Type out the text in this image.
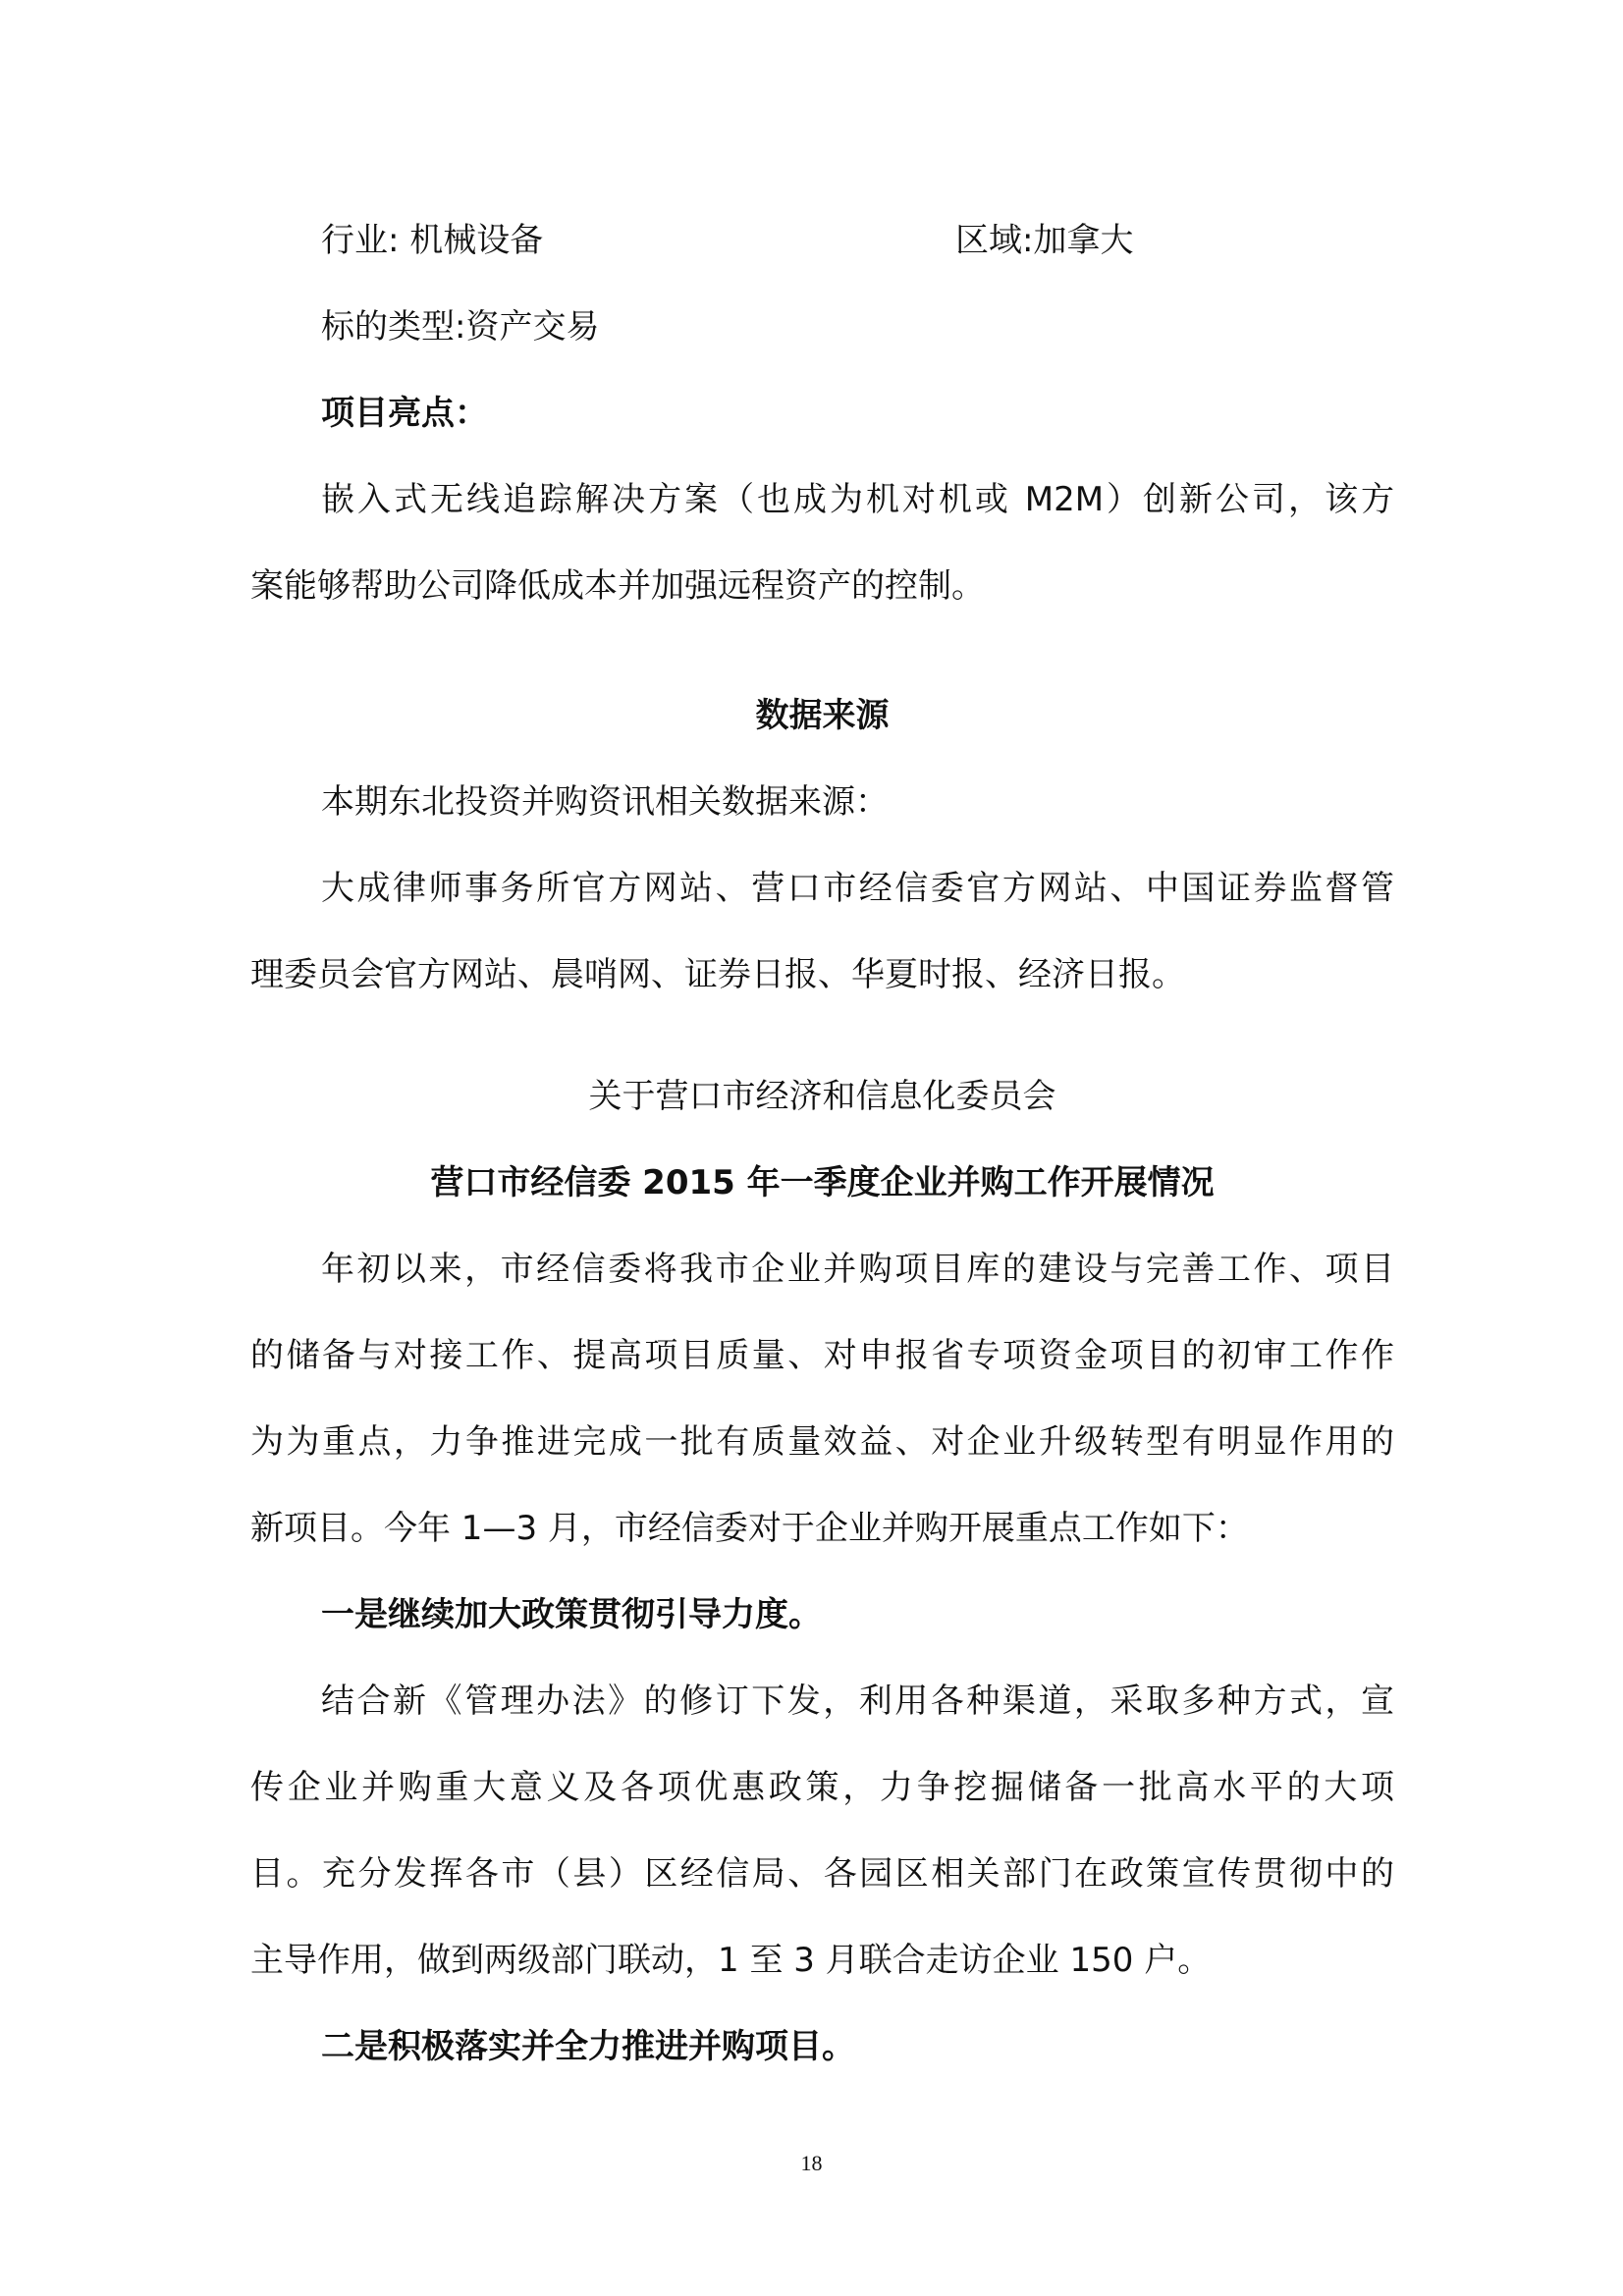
行业: 机械设备	区域:加拿大
标的类型:资产交易
项目亮点：
嵌入式无线追踪解决方案（也成为机对机或 M2M）创新公司，该方
案能够帮助公司降低成本并加强远程资产的控制。
数据来源
本期东北投资并购资讯相关数据来源：
大成律师事务所官方网站、营口市经信委官方网站、中国证券监督管
理委员会官方网站、晨哨网、证券日报、华夏时报、经济日报。
关于营口市经济和信息化委员会
营口市经信委 2015 年一季度企业并购工作开展情况
年初以来，市经信委将我市企业并购项目库的建设与完善工作、项目
的储备与对接工作、提高项目质量、对申报省专项资金项目的初审工作作
为为重点，力争推进完成一批有质量效益、对企业升级转型有明显作用的
新项目。今年 1—3 月，市经信委对于企业并购开展重点工作如下：
一是继续加大政策贯彻引导力度。
结合新《管理办法》的修订下发，利用各种渠道，采取多种方式，宣
传企业并购重大意义及各项优惠政策，力争挖掘储备一批高水平的大项
目。充分发挥各市（县）区经信局、各园区相关部门在政策宣传贯彻中的
主导作用，做到两级部门联动，1 至 3 月联合走访企业 150 户。
二是积极落实并全力推进并购项目。
18
